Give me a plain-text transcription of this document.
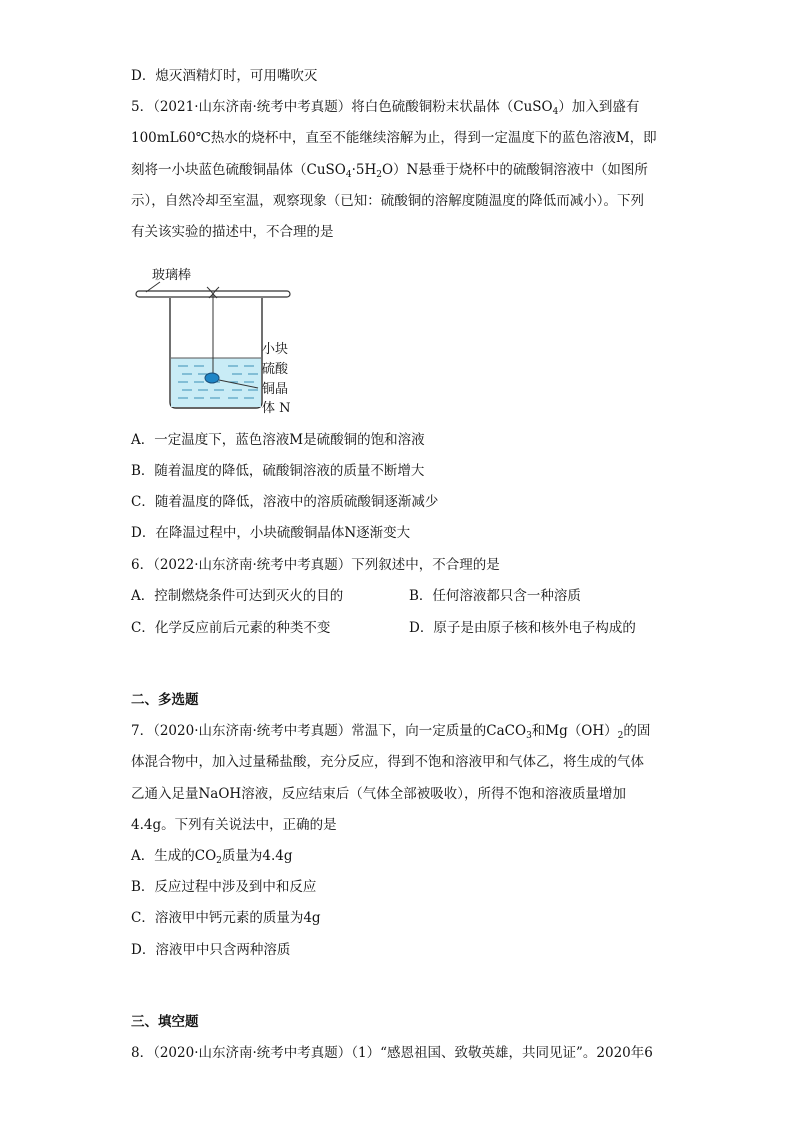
D．熄灭酒精灯时，可用嘴吹灭
5．（2021·山东济南·统考中考真题）将白色硫酸铜粉末状晶体（CuSO$_4$）加入到盛有
100mL60℃热水的烧杯中，直至不能继续溶解为止，得到一定温度下的蓝色溶液M，即
刻将一小块蓝色硫酸铜晶体$(CuSO_4\cdot 5H_2O)N$悬垂于烧杯中的硫酸铜溶液中（如图所
示），自然冷却至室温，观察现象（已知：硫酸铜的溶解度随温度的降低而减小）。下列
有关该实验的描述中，不合理的是
玻璃棒
小块
硫酸
铜晶
体 N
A．一定温度下，蓝色溶液M是硫酸铜的饱和溶液
B．随着温度的降低，硫酸铜溶液的质量不断增大
C．随着温度的降低，溶液中的溶质硫酸铜逐渐减少
D．在降温过程中，小块硫酸铜晶体N逐渐变大
6．（2022·山东济南·统考中考真题）下列叙述中，不合理的是
A．控制燃烧条件可达到灭火的目的	B．任何溶液都只含一种溶质
C．化学反应前后元素的种类不变	D．原子是由原子核和核外电子构成的
二、多选题
7．（2020·山东济南·统考中考真题）常温下，向一定质量的CaCO$_3$和$Mg(OH)_2$的固
体混合物中，加入过量稀盐酸，充分反应，得到不饱和溶液甲和气体乙，将生成的气体
乙通入足量NaOH溶液，反应结束后（气体全部被吸收），所得不饱和溶液质量增加
4.4g。下列有关说法中，正确的是
A．生成的$CO_2$质量为4.4g
B．反应过程中涉及到中和反应
C．溶液甲中钙元素的质量为4g
D．溶液甲中只含两种溶质
三、填空题
8．（2020·山东济南·统考中考真题）（1）“感恩祖国、致敬英雄，共同见证”。2020年6
